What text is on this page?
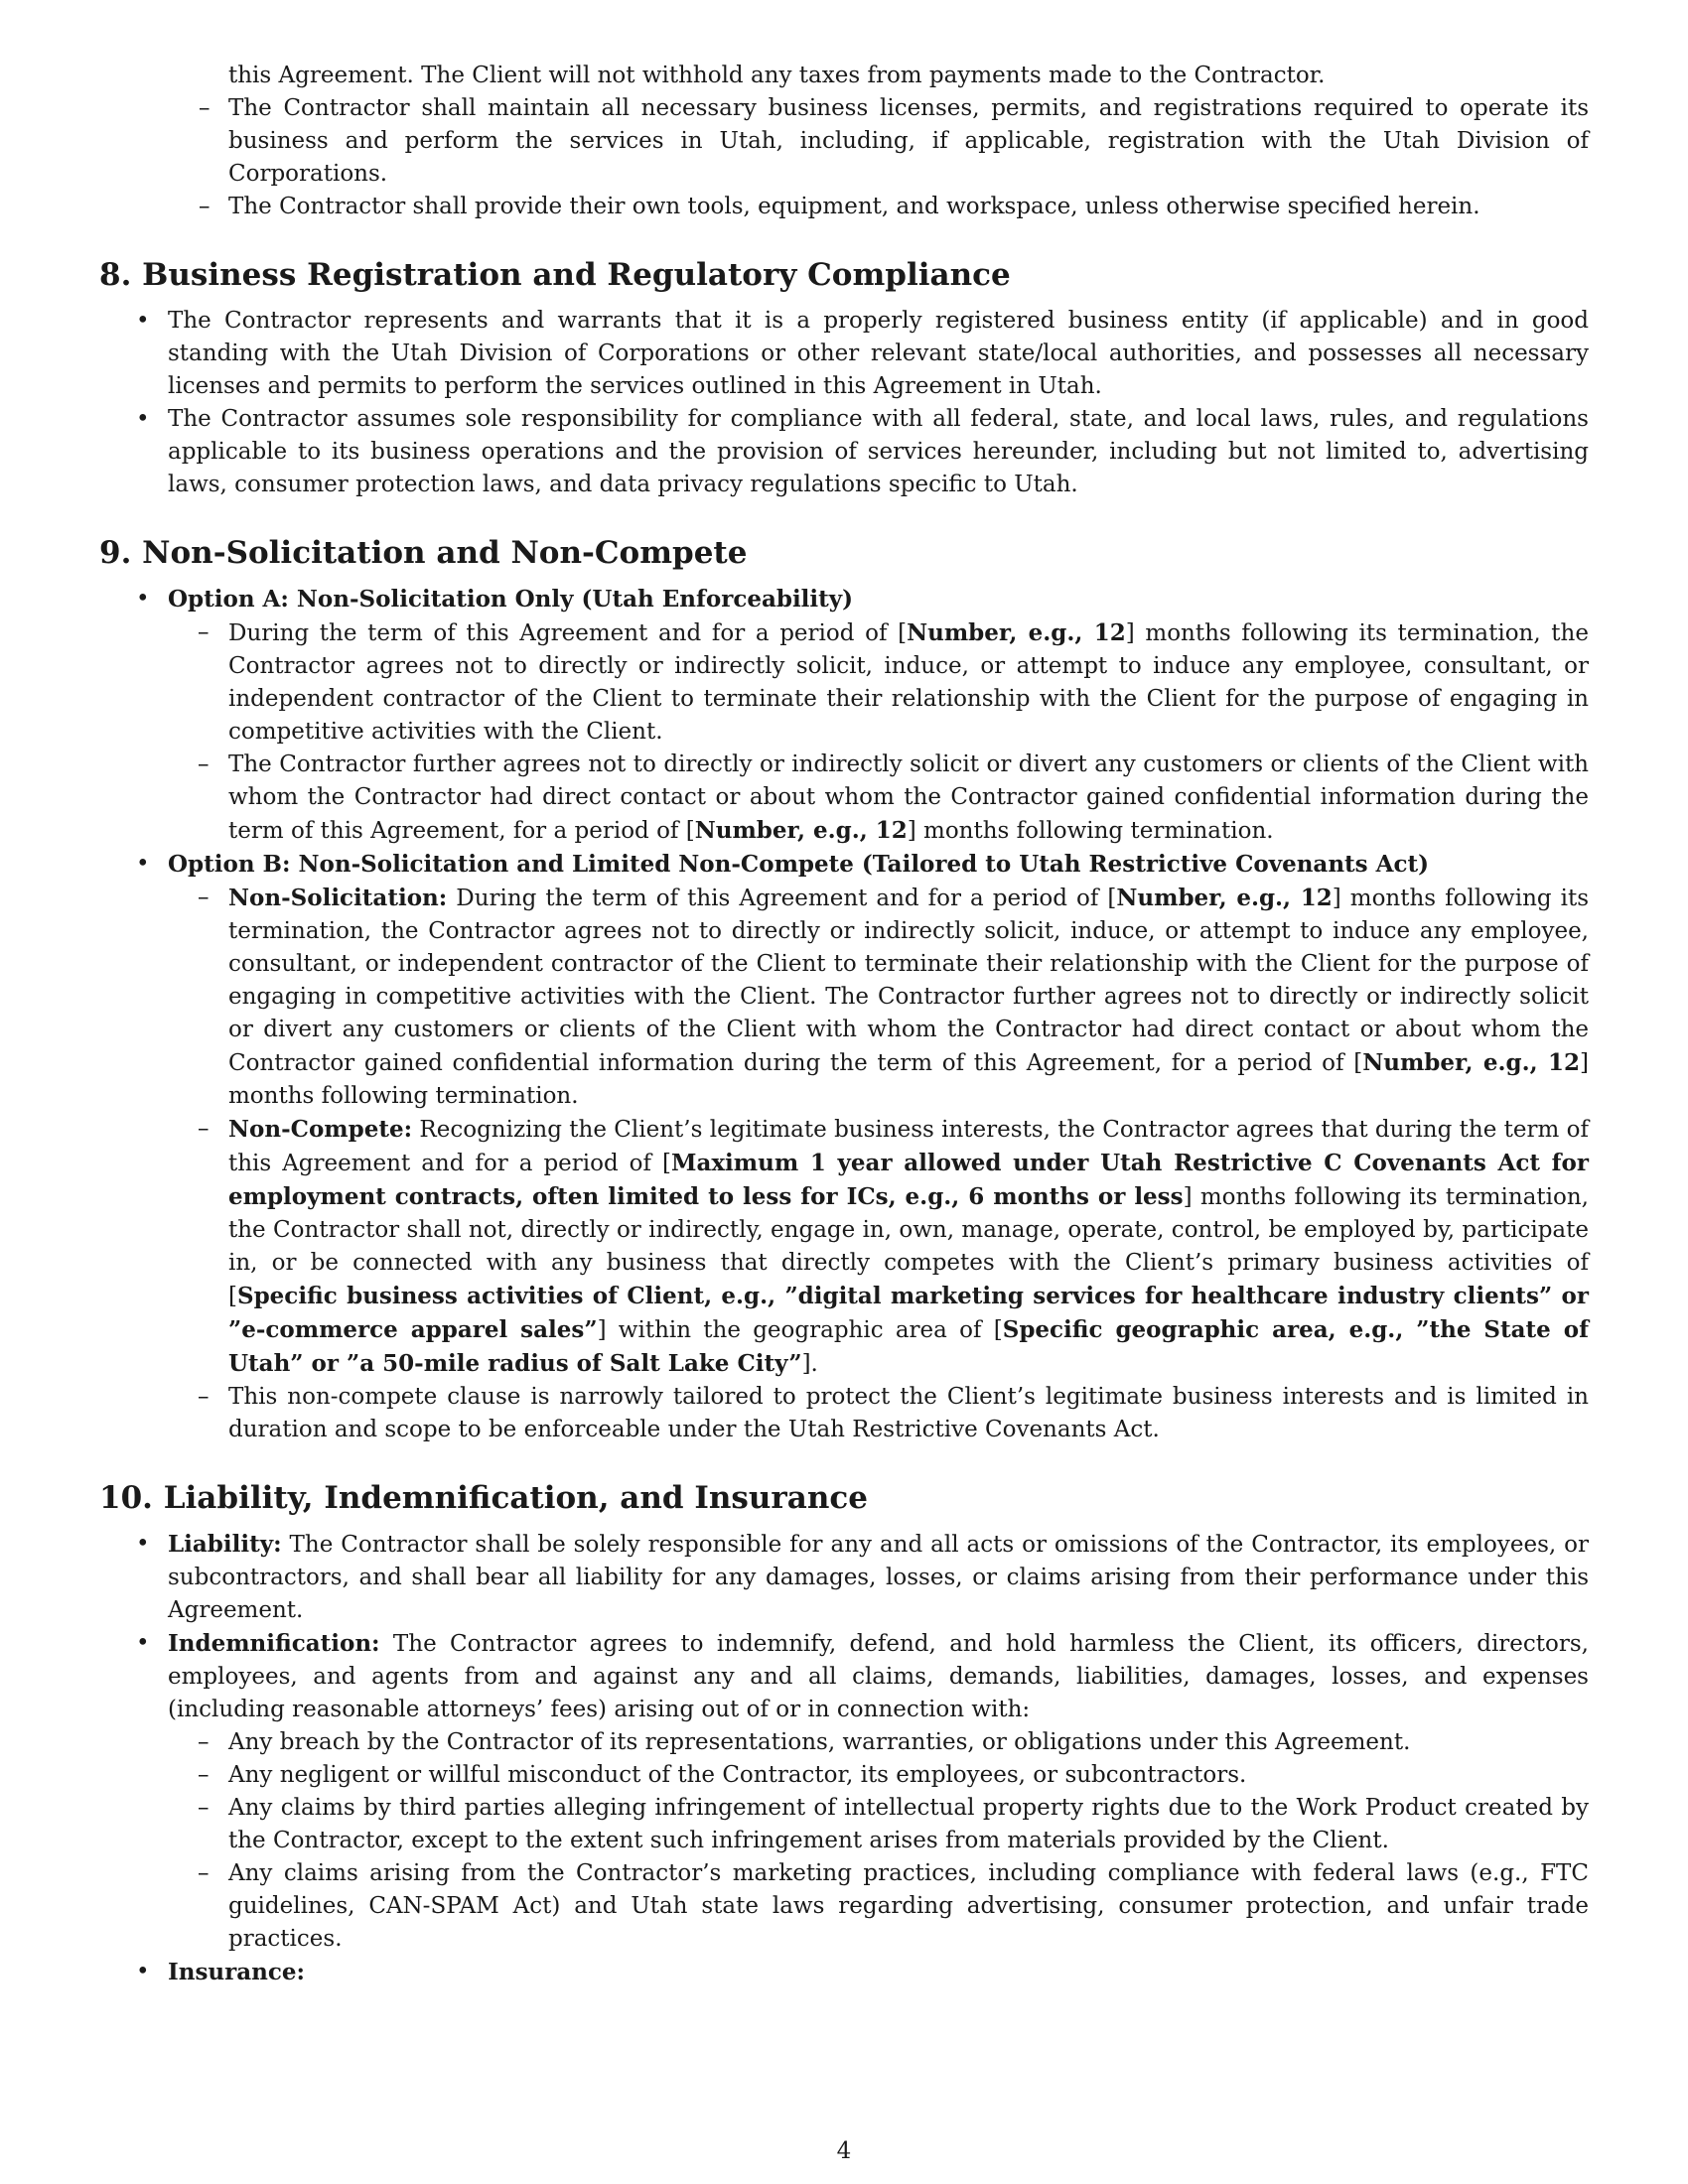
this Agreement. The Client will not withhold any taxes from payments made to the Contractor.

– The Contractor shall maintain all necessary business licenses, permits, and registrations required to operate its business and perform the services in Utah, including, if applicable, registration with the Utah Division of Corporations.
– The Contractor shall provide their own tools, equipment, and workspace, unless otherwise specified herein.
8. Business Registration and Regulatory Compliance
• The Contractor represents and warrants that it is a properly registered business entity (if applicable) and in good standing with the Utah Division of Corporations or other relevant state/local authorities, and possesses all necessary licenses and permits to perform the services outlined in this Agreement in Utah.
• The Contractor assumes sole responsibility for compliance with all federal, state, and local laws, rules, and regulations applicable to its business operations and the provision of services hereunder, including but not limited to, advertising laws, consumer protection laws, and data privacy regulations specific to Utah.
9. Non-Solicitation and Non-Compete
• Option A: Non-Solicitation Only (Utah Enforceability)
– During the term of this Agreement and for a period of [Number, e.g., 12] months following its termination, the Contractor agrees not to directly or indirectly solicit, induce, or attempt to induce any employee, consultant, or independent contractor of the Client to terminate their relationship with the Client for the purpose of engaging in competitive activities with the Client.
– The Contractor further agrees not to directly or indirectly solicit or divert any customers or clients of the Client with whom the Contractor had direct contact or about whom the Contractor gained confidential information during the term of this Agreement, for a period of [Number, e.g., 12] months following termination.
• Option B: Non-Solicitation and Limited Non-Compete (Tailored to Utah Restrictive Covenants Act)
– Non-Solicitation: During the term of this Agreement and for a period of [Number, e.g., 12] months following its termination, the Contractor agrees not to directly or indirectly solicit, induce, or attempt to induce any employee, consultant, or independent contractor of the Client to terminate their relationship with the Client for the purpose of engaging in competitive activities with the Client. The Contractor further agrees not to directly or indirectly solicit or divert any customers or clients of the Client with whom the Contractor had direct contact or about whom the Contractor gained confidential information during the term of this Agreement, for a period of [Number, e.g., 12] months following termination.
– Non-Compete: Recognizing the Client’s legitimate business interests, the Contractor agrees that during the term of this Agreement and for a period of [Maximum 1 year allowed under Utah Restrictive C Covenants Act for employment contracts, often limited to less for ICs, e.g., 6 months or less] months following its termination, the Contractor shall not, directly or indirectly, engage in, own, manage, operate, control, be employed by, participate in, or be connected with any business that directly competes with the Client’s primary business activities of [Specific business activities of Client, e.g., ”digital marketing services for healthcare industry clients” or ”e-commerce apparel sales”] within the geographic area of [Specific geographic area, e.g., ”the State of Utah” or ”a 50-mile radius of Salt Lake City”].
– This non-compete clause is narrowly tailored to protect the Client’s legitimate business interests and is limited in duration and scope to be enforceable under the Utah Restrictive Covenants Act.
10. Liability, Indemnification, and Insurance
• Liability: The Contractor shall be solely responsible for any and all acts or omissions of the Contractor, its employees, or subcontractors, and shall bear all liability for any damages, losses, or claims arising from their performance under this Agreement.
• Indemnification: The Contractor agrees to indemnify, defend, and hold harmless the Client, its officers, directors, employees, and agents from and against any and all claims, demands, liabilities, damages, losses, and expenses (including reasonable attorneys’ fees) arising out of or in connection with:
– Any breach by the Contractor of its representations, warranties, or obligations under this Agreement.
– Any negligent or willful misconduct of the Contractor, its employees, or subcontractors.
– Any claims by third parties alleging infringement of intellectual property rights due to the Work Product created by the Contractor, except to the extent such infringement arises from materials provided by the Client.
– Any claims arising from the Contractor’s marketing practices, including compliance with federal laws (e.g., FTC guidelines, CAN-SPAM Act) and Utah state laws regarding advertising, consumer protection, and unfair trade practices.
• Insurance:
4
